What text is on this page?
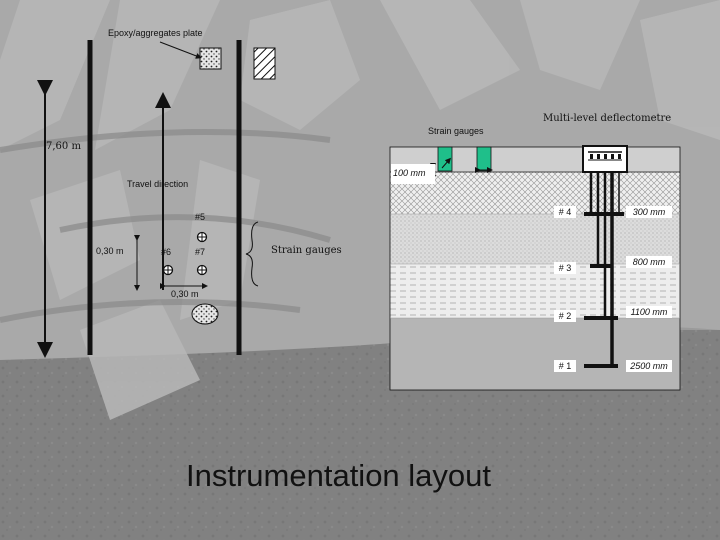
Epoxy/aggregates plate
7,60 m
Travel direction
#5
#6	#7
0,30 m
0,30 m
Strain gauges
Multi-level deflectometre
Strain gauges
100 mm
# 4	300 mm
# 3
800 mm
# 2	1100 mm
# 1	2500 mm
Instrumentation layout
